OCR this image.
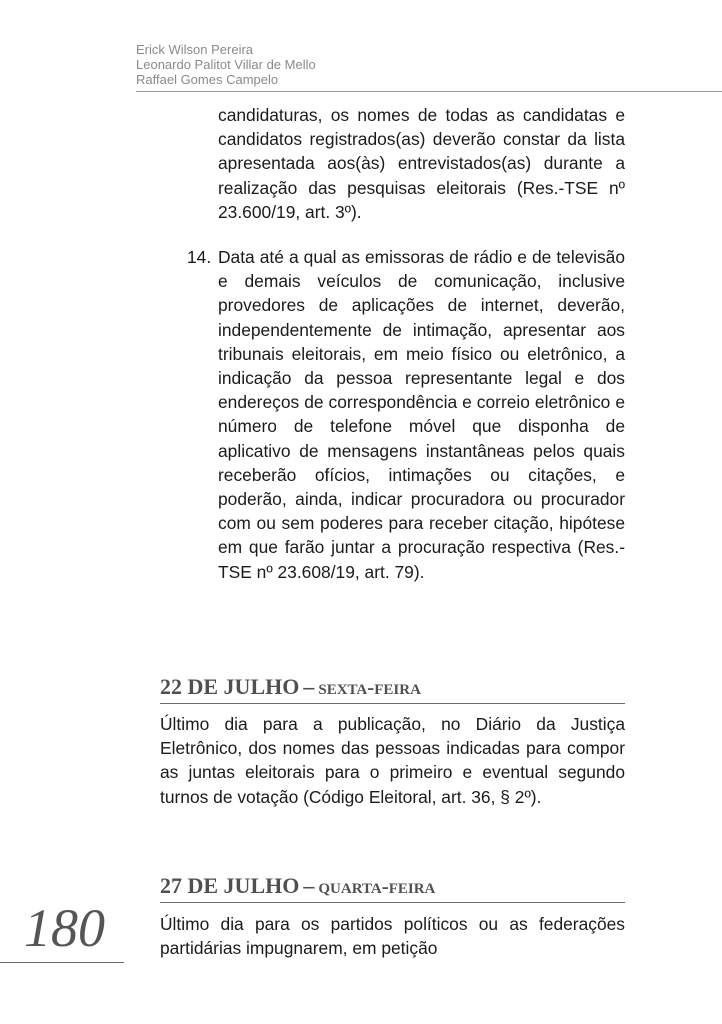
Erick Wilson Pereira
Leonardo Palitot Villar de Mello
Raffael Gomes Campelo

candidaturas, os nomes de todas as candidatas e candidatos registrados(as) deverão constar da lista apresentada aos(às) entrevistados(as) durante a realização das pesquisas eleitorais (Res.-TSE nº 23.600/19, art. 3º).

14. Data até a qual as emissoras de rádio e de televisão e demais veículos de comunicação, inclusive provedores de aplicações de internet, deverão, independentemente de intimação, apresentar aos tribunais eleitorais, em meio físico ou eletrônico, a indicação da pessoa representante legal e dos endereços de correspondência e correio eletrônico e número de telefone móvel que disponha de aplicativo de mensagens instantâneas pelos quais receberão ofícios, intimações ou citações, e poderão, ainda, indicar procuradora ou procurador com ou sem poderes para receber citação, hipótese em que farão juntar a procuração respectiva (Res.-TSE nº 23.608/19, art. 79).

22 DE JULHO – sexta-feira

Último dia para a publicação, no Diário da Justiça Eletrônico, dos nomes das pessoas indicadas para compor as juntas eleitorais para o primeiro e eventual segundo turnos de votação (Código Eleitoral, art. 36, § 2º).

27 DE JULHO – quarta-feira

Último dia para os partidos políticos ou as federações partidárias impugnarem, em petição

180
